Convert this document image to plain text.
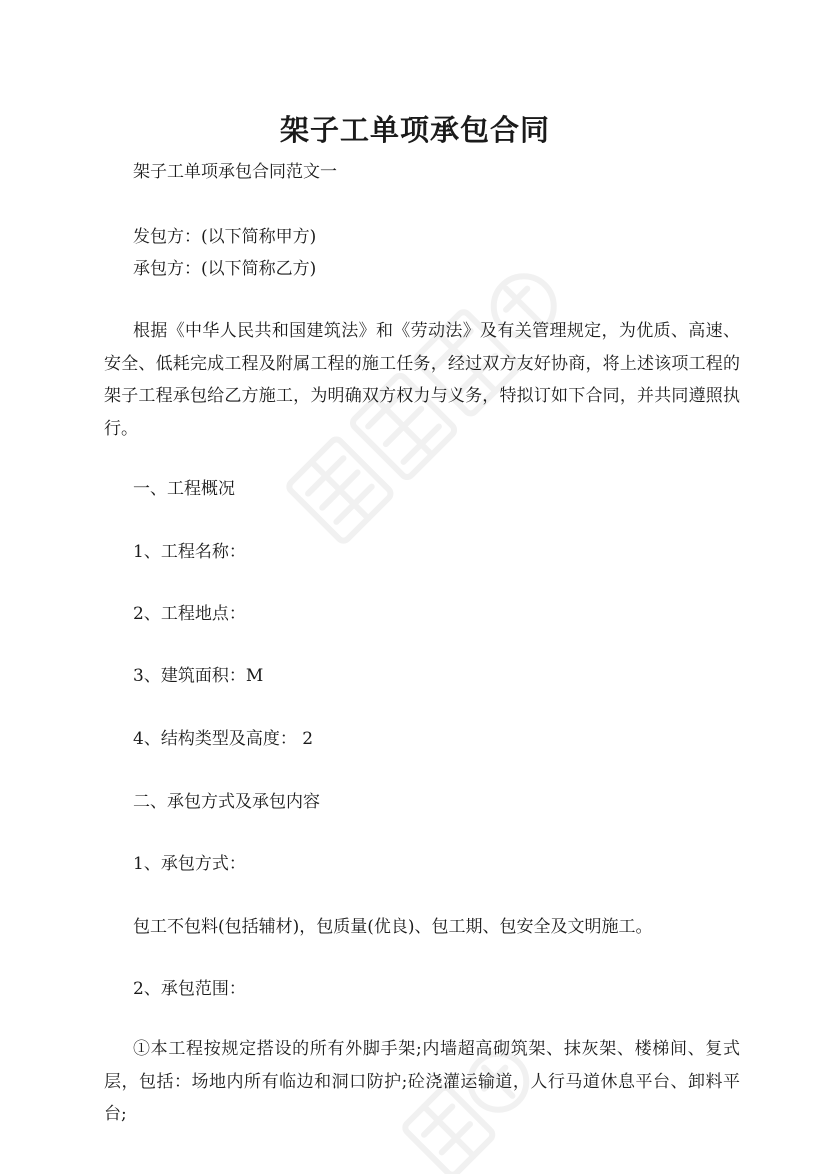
架子工单项承包合同

架子工单项承包合同范文一

发包方：(以下简称甲方)

承包方：(以下简称乙方)

根据《中华人民共和国建筑法》和《劳动法》及有关管理规定，为优质、高速、安全、低耗完成工程及附属工程的施工任务，经过双方友好协商，将上述该项工程的架子工程承包给乙方施工，为明确双方权力与义务，特拟订如下合同，并共同遵照执行。

一、工程概况

1、工程名称：

2、工程地点：

3、建筑面积：M

4、结构类型及高度： 2

二、承包方式及承包内容

1、承包方式：

包工不包料(包括辅材)，包质量(优良)、包工期、包安全及文明施工。

2、承包范围：

①本工程按规定搭设的所有外脚手架;内墙超高砌筑架、抹灰架、楼梯间、复式层，包括：场地内所有临边和洞口防护;砼浇灌运输道，人行马道休息平台、卸料平台;
